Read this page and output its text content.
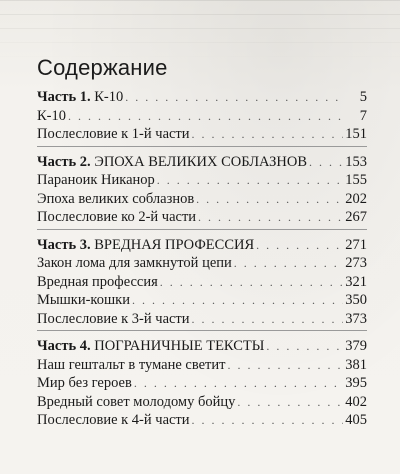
Содержание
Часть 1. К-10 . . .	5
К-10 . . .	7
Послесловие к 1-й части . . .	151
Часть 2. ЭПОХА ВЕЛИКИХ СОБЛАЗНОВ . . .	153
Параноик Никанор . . .	155
Эпоха великих соблазнов . . .	202
Послесловие ко 2-й части . . .	267
Часть 3. ВРЕДНАЯ ПРОФЕССИЯ . . .	271
Закон лома для замкнутой цепи . . .	273
Вредная профессия . . .	321
Мышки-кошки . . .	350
Послесловие к 3-й части . . .	373
Часть 4. ПОГРАНИЧНЫЕ ТЕКСТЫ . . .	379
Наш гештальт в тумане светит . . .	381
Мир без героев . . .	395
Вредный совет молодому бойцу . . .	402
Послесловие к 4-й части . . .	405
